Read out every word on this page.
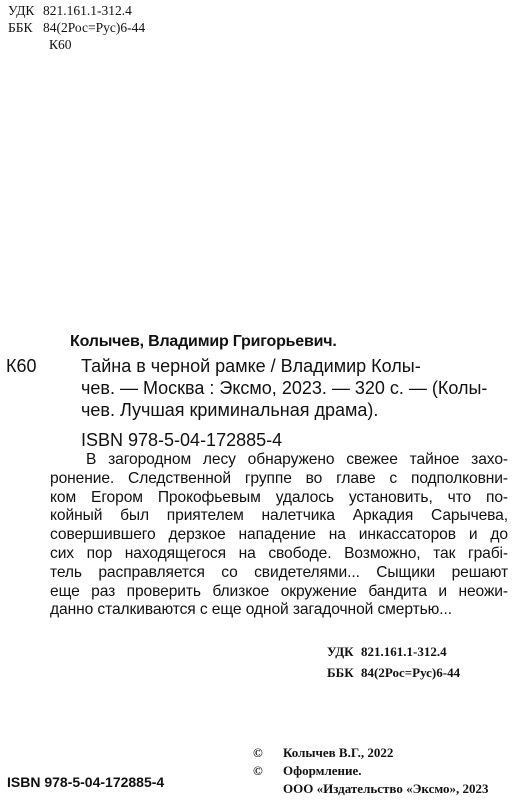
УДК 821.161.1-312.4
ББК 84(2Рос=Рус)6-44
К60
Колычев, Владимир Григорьевич.
К60 Тайна в черной рамке / Владимир Колы-
чев. — Москва : Эксмо, 2023. — 320 с. — (Колы-
чев. Лучшая криминальная драма).
ISBN 978-5-04-172885-4
В загородном лесу обнаружено свежее тайное захо-
ронение. Следственной группе во главе с подполковни-
ком Егором Прокофьевым удалось установить, что по-
койный был приятелем налетчика Аркадия Сарычева,
совершившего дерзкое нападение на инкассаторов и до
сих пор находящегося на свободе. Возможно, так грабі-
тель расправляется со свидетелями... Сыщики решают
еще раз проверить близкое окружение бандита и неожи-
данно сталкиваются с еще одной загадочной смертью...
УДК 821.161.1-312.4
ББК 84(2Рос=Рус)6-44
©	Колычев В.Г., 2022
©	Оформление.
ООО «Издательство «Эксмо», 2023
ISBN 978-5-04-172885-4
